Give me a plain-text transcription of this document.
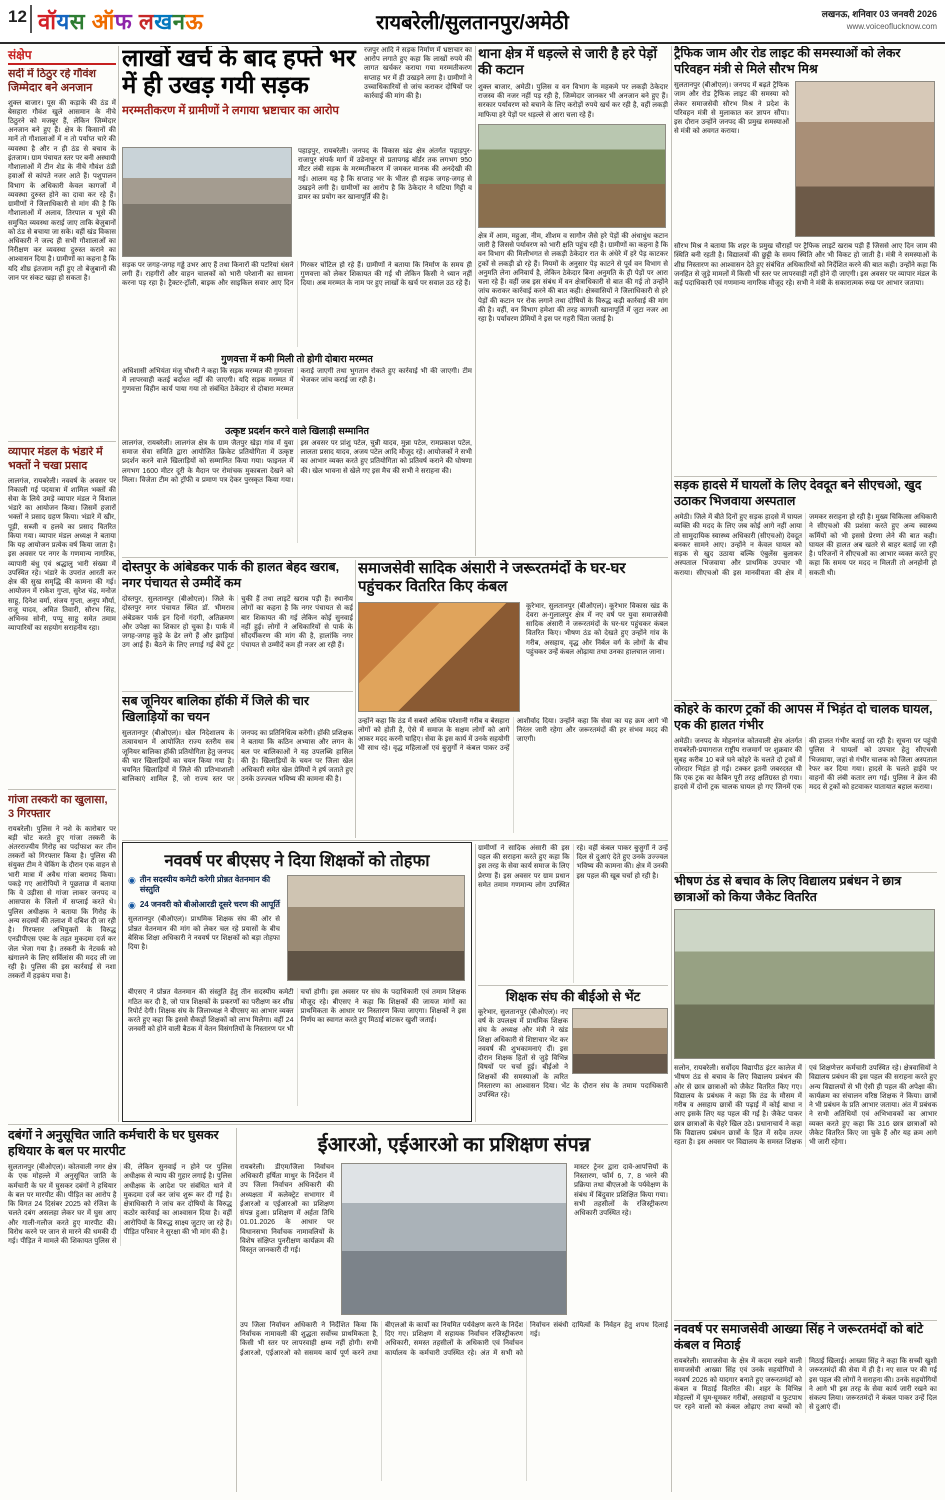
12 वॉयस ऑफ लखनऊ	रायबरेली/सुलतानपुर/अमेठी	लखनऊ, शनिवार 03 जनवरी 2026
www.voiceoflucknow.com
संक्षेप
सर्दी में ठिठुर रहे गौवंश जिम्मेदार बने अनजान
शुक्ल बाजार। पूस की कड़ाके की ठंड में बेसहारा गौवंश खुले आसमान के नीचे ठिठुरने को मजबूर हैं, लेकिन जिम्मेदार अनजान बने हुए हैं। क्षेत्र के किसानों की मानें तो गौशालाओं में न तो पर्याप्त चारे की व्यवस्था है और न ही ठंड से बचाव के इंतजाम। ग्राम पंचायत स्तर पर बनी अस्थायी गौशालाओं में टीन शेड के नीचे गौवंश ठंडी हवाओं से कांपते नजर आते हैं। पशुपालन विभाग के अधिकारी केवल कागजों में व्यवस्था दुरुस्त होने का दावा कर रहे हैं। ग्रामीणों ने जिलाधिकारी से मांग की है कि गौशालाओं में अलाव, तिरपाल व भूसे की समुचित व्यवस्था कराई जाए ताकि बेजुबानों को ठंड से बचाया जा सके। वहीं खंड विकास अधिकारी ने जल्द ही सभी गौशालाओं का निरीक्षण कर व्यवस्था दुरुस्त कराने का आश्वासन दिया है। ग्रामीणों का कहना है कि यदि शीघ्र इंतजाम नहीं हुए तो बेजुबानों की जान पर संकट खड़ा हो सकता है।
व्यापार मंडल के भंडारे में भक्तों ने चखा प्रसाद
लालगंज, रायबरेली। नववर्ष के अवसर पर निकाली गई पदयात्रा में शामिल भक्तों की सेवा के लिये उमड़े व्यापार मंडल ने विशाल भंडारे का आयोजन किया। जिसमें हजारों भक्तों ने प्रसाद ग्रहण किया। भंडारे में खीर, पूड़ी, सब्जी व हलवे का प्रसाद वितरित किया गया। व्यापार मंडल अध्यक्ष ने बताया कि यह आयोजन प्रत्येक वर्ष किया जाता है। इस अवसर पर नगर के गणमान्य नागरिक, व्यापारी बंधु एवं श्रद्धालु भारी संख्या में उपस्थित रहे। भंडारे के उपरांत आरती कर क्षेत्र की सुख समृद्धि की कामना की गई। आयोजन में राकेश गुप्ता, सुरेश चंद्र, मनोज साहू, दिनेश वर्मा, संजय गुप्ता, अनूप मौर्या, राजू यादव, अमित तिवारी, सौरभ सिंह, अभिनव सोनी, पप्पू साहू समेत तमाम व्यापारियों का सहयोग सराहनीय रहा।
गांजा तस्करी का खुलासा, 3 गिरफ्तार
रायबरेली। पुलिस ने नशे के कारोबार पर बड़ी चोट करते हुए गांजा तस्करी के अंतरराज्यीय गिरोह का पर्दाफाश कर तीन तस्करों को गिरफ्तार किया है। पुलिस की संयुक्त टीम ने चेकिंग के दौरान एक वाहन से भारी मात्रा में अवैध गांजा बरामद किया। पकड़े गए आरोपियों ने पूछताछ में बताया कि वे उड़ीसा से गांजा लाकर जनपद व आसपास के जिलों में सप्लाई करते थे। पुलिस अधीक्षक ने बताया कि गिरोह के अन्य सदस्यों की तलाश में दबिश दी जा रही है। गिरफ्तार अभियुक्तों के विरुद्ध एनडीपीएस एक्ट के तहत मुकदमा दर्ज कर जेल भेजा गया है। तस्करी के नेटवर्क को खंगालने के लिए सर्विलांस की मदद ली जा रही है। पुलिस की इस कार्रवाई से नशा तस्करों में हड़कंप मचा है।
लाखों खर्च के बाद हफ्ते भर में ही उखड़ गयी सड़क
मरम्मतीकरण में ग्रामीणों ने लगाया भ्रष्टाचार का आरोप
रजपुर आदि ने सड़क निर्माण में भ्रष्टाचार का आरोप लगाते हुए कहा कि लाखों रुपये की लागत खर्चकर कराया गया मरम्मतीकरण सप्ताह भर में ही उखड़ने लगा है। ग्रामीणों ने उच्चाधिकारियों से जांच कराकर दोषियों पर कार्रवाई की मांग की है।
पहाड़पुर, रायबरेली। जनपद के विकास खंड क्षेत्र अंतर्गत पहाड़पुर-राजापुर संपर्क मार्ग में उडेनापुर से प्रतापगढ़ बॉर्डर तक लगभग 950 मीटर लंबी सड़क के मरम्मतीकरण में जमकर मानक की अनदेखी की गई। आलम यह है कि सप्ताह भर के भीतर ही सड़क जगह-जगह से उखड़ने लगी है। ग्रामीणों का आरोप है कि ठेकेदार ने घटिया गिट्टी व डामर का प्रयोग कर खानापूर्ति की है।
सड़क पर जगह-जगह गड्ढे उभर आए हैं तथा किनारों की पटरियां धंसने लगी हैं। राहगीरों और वाहन चालकों को भारी परेशानी का सामना करना पड़ रहा है। ट्रैक्टर-ट्रॉली, बाइक और साइकिल सवार आए दिन गिरकर चोटिल हो रहे हैं। ग्रामीणों ने बताया कि निर्माण के समय ही गुणवत्ता को लेकर शिकायत की गई थी लेकिन किसी ने ध्यान नहीं दिया। अब मरम्मत के नाम पर हुए लाखों के खर्च पर सवाल उठ रहे हैं।
गुणवत्ता में कमी मिली तो होगी दोबारा मरम्मत
अधिशासी अभियंता मंजु चौधरी ने कहा कि सड़क मरम्मत की गुणवत्ता में लापरवाही कतई बर्दाश्त नहीं की जाएगी। यदि सड़क मरम्मत में गुणवत्ता विहीन कार्य पाया गया तो संबंधित ठेकेदार से दोबारा मरम्मत कराई जाएगी तथा भुगतान रोकते हुए कार्रवाई भी की जाएगी। टीम भेजकर जांच कराई जा रही है।
उत्कृष्ट प्रदर्शन करने वाले खिलाड़ी सम्मानित
लालगंज, रायबरेली। लालगंज क्षेत्र के ग्राम जैतपुर खेड़ा गांव में युवा समाज सेवा समिति द्वारा आयोजित क्रिकेट प्रतियोगिता में उत्कृष्ट प्रदर्शन करने वाले खिलाड़ियों को सम्मानित किया गया। फाइनल में लगभग 1600 मीटर दूरी के मैदान पर रोमांचक मुकाबला देखने को मिला। विजेता टीम को ट्रॉफी व प्रमाण पत्र देकर पुरस्कृत किया गया। इस अवसर पर प्रांशु पटेल, चुन्नी यादव, मुन्ना पटेल, रामप्रकाश पटेल, लालता प्रसाद यादव, अजय पटेल आदि मौजूद रहे। आयोजकों ने सभी का आभार व्यक्त करते हुए प्रतियोगिता को प्रतिवर्ष कराने की घोषणा की। खेल भावना से खेले गए इस मैच की सभी ने सराहना की।
थाना क्षेत्र में धड़ल्ले से जारी है हरे पेड़ों की कटान
शुक्ल बाजार, अमेठी। पुलिस व वन विभाग के महकमे पर लकड़ी ठेकेदार राजस्व की नजर नहीं पड़ रही है, जिम्मेदार जानकर भी अनजान बने हुए हैं। सरकार पर्यावरण को बचाने के लिए करोड़ों रुपये खर्च कर रही है, वहीं लकड़ी माफिया हरे पेड़ों पर धड़ल्ले से आरा चला रहे हैं।
क्षेत्र में आम, महुआ, नीम, शीशम व सागौन जैसे हरे पेड़ों की अंधाधुंध कटान जारी है जिससे पर्यावरण को भारी क्षति पहुंच रही है। ग्रामीणों का कहना है कि वन विभाग की मिलीभगत से लकड़ी ठेकेदार रात के अंधेरे में हरे पेड़ काटकर ट्रकों से लकड़ी ढो रहे हैं। नियमों के अनुसार पेड़ काटने से पूर्व वन विभाग से अनुमति लेना अनिवार्य है, लेकिन ठेकेदार बिना अनुमति के ही पेड़ों पर आरा चला रहे हैं। वहीं जब इस संबंध में वन क्षेत्राधिकारी से बात की गई तो उन्होंने जांच कराकर कार्रवाई करने की बात कही। क्षेत्रवासियों ने जिलाधिकारी से हरे पेड़ों की कटान पर रोक लगाने तथा दोषियों के विरुद्ध कड़ी कार्रवाई की मांग की है। वहीं, वन विभाग हमेशा की तरह कागजी खानापूर्ति में जुटा नजर आ रहा है। पर्यावरण प्रेमियों ने इस पर गहरी चिंता जताई है।
ट्रैफिक जाम और रोड लाइट की समस्याओं को लेकर परिवहन मंत्री से मिले सौरभ मिश्र
सुलतानपुर (बीओएल)। जनपद में बढ़ते ट्रैफिक जाम और रोड ट्रैफिक लाइट की समस्या को लेकर समाजसेवी सौरभ मिश्र ने प्रदेश के परिवहन मंत्री से मुलाकात कर ज्ञापन सौंपा। इस दौरान उन्होंने जनपद की प्रमुख समस्याओं से मंत्री को अवगत कराया।
सौरभ मिश्र ने बताया कि शहर के प्रमुख चौराहों पर ट्रैफिक लाइटें खराब पड़ी हैं जिससे आए दिन जाम की स्थिति बनी रहती है। विद्यालयों की छुट्टी के समय स्थिति और भी विकट हो जाती है। मंत्री ने समस्याओं के शीघ्र निस्तारण का आश्वासन देते हुए संबंधित अधिकारियों को निर्देशित करने की बात कही। उन्होंने कहा कि जनहित से जुड़े मामलों में किसी भी स्तर पर लापरवाही नहीं होने दी जाएगी। इस अवसर पर व्यापार मंडल के कई पदाधिकारी एवं गणमान्य नागरिक मौजूद रहे। सभी ने मंत्री के सकारात्मक रुख पर आभार जताया।
सड़क हादसे में घायलों के लिए देवदूत बने सीएचओ, खुद उठाकर भिजवाया अस्पताल
अमेठी। जिले में बीते दिनों हुए सड़क हादसे में घायल व्यक्ति की मदद के लिए जब कोई आगे नहीं आया तो सामुदायिक स्वास्थ्य अधिकारी (सीएचओ) देवदूत बनकर सामने आए। उन्होंने न केवल घायल को सड़क से खुद उठाया बल्कि एंबुलेंस बुलाकर अस्पताल भिजवाया और प्राथमिक उपचार भी कराया। सीएचओ की इस मानवीयता की क्षेत्र में जमकर सराहना हो रही है। मुख्य चिकित्सा अधिकारी ने सीएचओ की प्रशंसा करते हुए अन्य स्वास्थ्य कर्मियों को भी इससे प्रेरणा लेने की बात कही। घायल की हालत अब खतरे से बाहर बताई जा रही है। परिजनों ने सीएचओ का आभार व्यक्त करते हुए कहा कि समय पर मदद न मिलती तो अनहोनी हो सकती थी।
कोहरे के कारण ट्रकों की आपस में भिड़ंत दो चालक घायल, एक की हालत गंभीर
अमेठी। जनपद के मोहनगंज कोतवाली क्षेत्र अंतर्गत रायबरेली-प्रयागराज राष्ट्रीय राजमार्ग पर शुक्रवार की सुबह करीब 10 बजे घने कोहरे के चलते दो ट्रकों में जोरदार भिड़ंत हो गई। टक्कर इतनी जबरदस्त थी कि एक ट्रक का केबिन पूरी तरह क्षतिग्रस्त हो गया। हादसे में दोनों ट्रक चालक घायल हो गए जिनमें एक की हालत गंभीर बताई जा रही है। सूचना पर पहुंची पुलिस ने घायलों को उपचार हेतु सीएचसी भिजवाया, जहां से गंभीर चालक को जिला अस्पताल रेफर कर दिया गया। हादसे के चलते हाईवे पर वाहनों की लंबी कतार लग गई। पुलिस ने क्रेन की मदद से ट्रकों को हटवाकर यातायात बहाल कराया।
भीषण ठंड से बचाव के लिए विद्यालय प्रबंधन ने छात्र छात्राओं को किया जैकेट वितरित
सलोन, रायबरेली। सर्वोदय विद्यापीठ इंटर कालेज में भीषण ठंड से बचाव के लिए विद्यालय प्रबंधन की ओर से छात्र छात्राओं को जैकेट वितरित किए गए। विद्यालय के प्रबंधक ने कहा कि ठंड के मौसम में गरीब व असहाय छात्रों की पढ़ाई में कोई बाधा न आए इसके लिए यह पहल की गई है। जैकेट पाकर छात्र छात्राओं के चेहरे खिल उठे। प्रधानाचार्य ने कहा कि विद्यालय प्रबंधन छात्रों के हित में सदैव तत्पर रहता है। इस अवसर पर विद्यालय के समस्त शिक्षक एवं शिक्षणेत्तर कर्मचारी उपस्थित रहे। क्षेत्रवासियों ने विद्यालय प्रबंधन की इस पहल की सराहना करते हुए अन्य विद्यालयों से भी ऐसी ही पहल की अपेक्षा की। कार्यक्रम का संचालन वरिष्ठ शिक्षक ने किया। छात्रों ने भी प्रबंधन के प्रति आभार जताया। अंत में प्रबंधक ने सभी अतिथियों एवं अभिभावकों का आभार व्यक्त करते हुए कहा कि 316 छात्र छात्राओं को जैकेट वितरित किए जा चुके हैं और यह क्रम आगे भी जारी रहेगा।
नववर्ष पर समाजसेवी आख्या सिंह ने जरूरतमंदों को बांटे कंबल व मिठाई
रायबरेली। समाजसेवा के क्षेत्र में कदम रखने वाली समाजसेवी आख्या सिंह एवं उनके सहयोगियों ने नववर्ष 2026 को यादगार बनाते हुए जरूरतमंदों को कंबल व मिठाई वितरित की। शहर के विभिन्न मोहल्लों में घूम-घूमकर गरीबों, असहायों व फुटपाथ पर रहने वालों को कंबल ओढ़ाए तथा बच्चों को मिठाई खिलाई। आख्या सिंह ने कहा कि सच्ची खुशी जरूरतमंदों की सेवा में ही है। नए साल पर की गई इस पहल की लोगों ने सराहना की। उनके सहयोगियों ने आगे भी इस तरह के सेवा कार्य जारी रखने का संकल्प लिया। जरूरतमंदों ने कंबल पाकर उन्हें दिल से दुआएं दीं।
समाजसेवी सादिक अंसारी ने जरूरतमंदों के घर-घर पहुंचकर वितरित किए कंबल
कूरेभार, सुलतानपुर (बीओएल)। कूरेभार विकास खंड के देवरा अ-गुलालपुर क्षेत्र में नए वर्ष पर युवा समाजसेवी सादिक अंसारी ने जरूरतमंदों के घर-घर पहुंचकर कंबल वितरित किए। भीषण ठंड को देखते हुए उन्होंने गांव के गरीब, असहाय, वृद्ध और निर्बल वर्ग के लोगों के बीच पहुंचकर उन्हें कंबल ओढ़ाया तथा उनका हालचाल जाना।
उन्होंने कहा कि ठंड में सबसे अधिक परेशानी गरीब व बेसहारा लोगों को होती है, ऐसे में समाज के सक्षम लोगों को आगे आकर मदद करनी चाहिए। सेवा के इस कार्य में उनके सहयोगी भी साथ रहे। वृद्ध महिलाओं एवं बुजुर्गों ने कंबल पाकर उन्हें आशीर्वाद दिया। उन्होंने कहा कि सेवा का यह क्रम आगे भी निरंतर जारी रहेगा और जरूरतमंदों की हर संभव मदद की जाएगी।
ग्रामीणों ने सादिक अंसारी की इस पहल की सराहना करते हुए कहा कि इस तरह के सेवा कार्य समाज के लिए प्रेरणा हैं। इस अवसर पर ग्राम प्रधान समेत तमाम गणमान्य लोग उपस्थित रहे। वहीं कंबल पाकर बुजुर्गों ने उन्हें दिल से दुआएं देते हुए उनके उज्ज्वल भविष्य की कामना की। क्षेत्र में उनकी इस पहल की खूब चर्चा हो रही है।
दोस्तपुर के आंबेडकर पार्क की हालत बेहद खराब, नगर पंचायत से उम्मीदें कम
दोस्तपुर, सुलतानपुर (बीओएल)। जिले के दोस्तपुर नगर पंचायत स्थित डॉ. भीमराव अंबेडकर पार्क इन दिनों गंदगी, अतिक्रमण और उपेक्षा का शिकार हो चुका है। पार्क में जगह-जगह कूड़े के ढेर लगे हैं और झाड़ियां उग आई हैं। बैठने के लिए लगाई गई बेंचें टूट चुकी हैं तथा लाइटें खराब पड़ी हैं। स्थानीय लोगों का कहना है कि नगर पंचायत से कई बार शिकायत की गई लेकिन कोई सुनवाई नहीं हुई। लोगों ने अधिकारियों से पार्क के सौंदर्यीकरण की मांग की है, हालांकि नगर पंचायत से उम्मीदें कम ही नजर आ रही हैं।
सब जूनियर बालिका हॉकी में जिले की चार खिलाड़ियों का चयन
सुलतानपुर (बीओएल)। खेल निदेशालय के तत्वावधान में आयोजित राज्य स्तरीय सब जूनियर बालिका हॉकी प्रतियोगिता हेतु जनपद की चार खिलाड़ियों का चयन किया गया है। चयनित खिलाड़ियों में जिले की प्रतिभाशाली बालिकाएं शामिल हैं, जो राज्य स्तर पर जनपद का प्रतिनिधित्व करेंगी। हॉकी प्रशिक्षक ने बताया कि कठिन अभ्यास और लगन के बल पर बालिकाओं ने यह उपलब्धि हासिल की है। खिलाड़ियों के चयन पर जिला खेल अधिकारी समेत खेल प्रेमियों ने हर्ष जताते हुए उनके उज्ज्वल भविष्य की कामना की है।
नववर्ष पर बीएसए ने दिया शिक्षकों को तोहफा
◉ तीन सदस्यीय कमेटी करेगी प्रोन्नत वेतनमान की संस्तुति
◉ 24 जनवरी को बीओआरडी दूसरे चरण की आपूर्ति
सुलतानपुर (बीओएल)। प्राथमिक शिक्षक संघ की ओर से प्रोन्नत वेतनमान की मांग को लेकर चल रहे प्रयासों के बीच बेसिक शिक्षा अधिकारी ने नववर्ष पर शिक्षकों को बड़ा तोहफा दिया है।
बीएसए ने प्रोन्नत वेतनमान की संस्तुति हेतु तीन सदस्यीय कमेटी गठित कर दी है, जो पात्र शिक्षकों के प्रकरणों का परीक्षण कर शीघ्र रिपोर्ट देगी। शिक्षक संघ के जिलाध्यक्ष ने बीएसए का आभार व्यक्त करते हुए कहा कि इससे सैकड़ों शिक्षकों को लाभ मिलेगा। वहीं 24 जनवरी को होने वाली बैठक में वेतन विसंगतियों के निस्तारण पर भी चर्चा होगी। इस अवसर पर संघ के पदाधिकारी एवं तमाम शिक्षक मौजूद रहे। बीएसए ने कहा कि शिक्षकों की जायज मांगों का प्राथमिकता के आधार पर निस्तारण किया जाएगा। शिक्षकों ने इस निर्णय का स्वागत करते हुए मिठाई बांटकर खुशी जताई।
शिक्षक संघ की बीईओ से भेंट
कूरेभार, सुलतानपुर (बीओएल)। नए वर्ष के उपलक्ष्य में प्राथमिक शिक्षक संघ के अध्यक्ष और मंत्री ने खंड शिक्षा अधिकारी से शिष्टाचार भेंट कर नववर्ष की शुभकामनाएं दीं। इस दौरान शिक्षक हितों से जुड़े विभिन्न विषयों पर चर्चा हुई। बीईओ ने शिक्षकों की समस्याओं के त्वरित निस्तारण का आश्वासन दिया। भेंट के दौरान संघ के तमाम पदाधिकारी उपस्थित रहे।
ईआरओ, एईआरओ का प्रशिक्षण संपन्न
रायबरेली। डीएम/जिला निर्वाचन अधिकारी हर्षिता माथुर के निर्देशन में उप जिला निर्वाचन अधिकारी की अध्यक्षता में कलेक्ट्रेट सभागार में ईआरओ व एईआरओ का प्रशिक्षण संपन्न हुआ। प्रशिक्षण में अर्हता तिथि 01.01.2026 के आधार पर विधानसभा निर्वाचक नामावलियों के विशेष संक्षिप्त पुनरीक्षण कार्यक्रम की विस्तृत जानकारी दी गई।
मास्टर ट्रेनर द्वारा दावे-आपत्तियों के निस्तारण, फॉर्म 6, 7, 8 भरने की प्रक्रिया तथा बीएलओ के पर्यवेक्षण के संबंध में बिंदुवार प्रशिक्षित किया गया। सभी तहसीलों के रजिस्ट्रीकरण अधिकारी उपस्थित रहे।
उप जिला निर्वाचन अधिकारी ने निर्देशित किया कि निर्वाचक नामावली की शुद्धता सर्वोच्च प्राथमिकता है, किसी भी स्तर पर लापरवाही क्षम्य नहीं होगी। सभी ईआरओ, एईआरओ को ससमय कार्य पूर्ण करने तथा बीएलओ के कार्यों का नियमित पर्यवेक्षण करने के निर्देश दिए गए। प्रशिक्षण में सहायक निर्वाचन रजिस्ट्रीकरण अधिकारी, समस्त तहसीलों के अधिकारी एवं निर्वाचन कार्यालय के कर्मचारी उपस्थित रहे। अंत में सभी को निर्वाचन संबंधी दायित्वों के निर्वहन हेतु शपथ दिलाई गई।
दबंगों ने अनुसूचित जाति कर्मचारी के घर घुसकर हथियार के बल पर मारपीट
सुलतानपुर (बीओएल)। कोतवाली नगर क्षेत्र के एक मोहल्ले में अनुसूचित जाति के कर्मचारी के घर में घुसकर दबंगों ने हथियार के बल पर मारपीट की। पीड़ित का आरोप है कि विगत 24 दिसंबर 2025 को रंजिश के चलते दबंग असलहा लेकर घर में घुस आए और गाली-गलौज करते हुए मारपीट की। विरोध करने पर जान से मारने की धमकी दी गई। पीड़ित ने मामले की शिकायत पुलिस से की, लेकिन सुनवाई न होने पर पुलिस अधीक्षक से न्याय की गुहार लगाई है। पुलिस अधीक्षक के आदेश पर संबंधित थाने में मुकदमा दर्ज कर जांच शुरू कर दी गई है। क्षेत्राधिकारी ने जांच कर दोषियों के विरुद्ध कठोर कार्रवाई का आश्वासन दिया है। वहीं आरोपियों के विरुद्ध साक्ष्य जुटाए जा रहे हैं। पीड़ित परिवार ने सुरक्षा की भी मांग की है।
